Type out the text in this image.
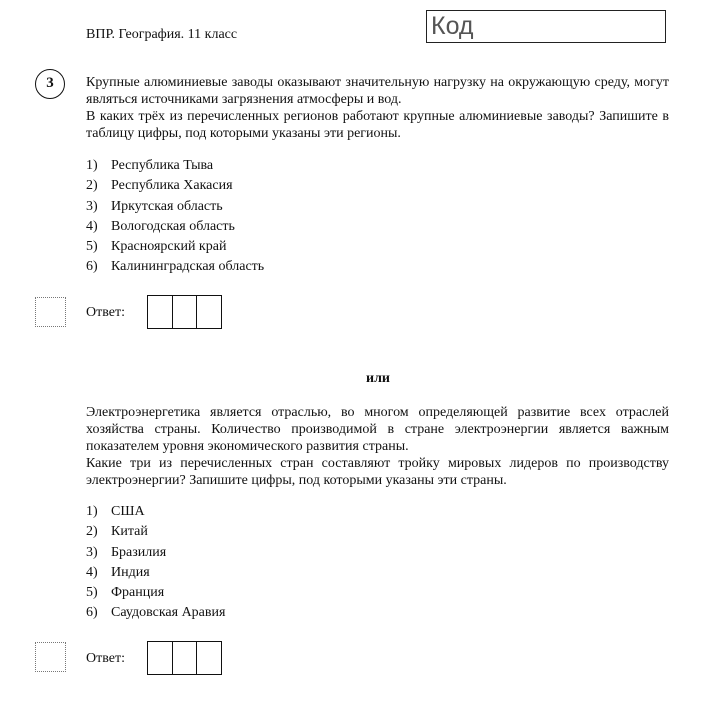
ВПР. География. 11 класс	Код
3	Крупные алюминиевые заводы оказывают значительную нагрузку на окружающую среду, могут являться источниками загрязнения атмосферы и вод.

В каких трёх из перечисленных регионов работают крупные алюминиевые заводы? Запишите в таблицу цифры, под которыми указаны эти регионы.

1) Республика Тыва
2) Республика Хакасия
3) Иркутская область
4) Вологодская область
5) Красноярский край
6) Калининградская область
Ответ:
или

Электроэнергетика является отраслью, во многом определяющей развитие всех отраслей хозяйства страны. Количество производимой в стране электроэнергии является важным показателем уровня экономического развития страны.

Какие три из перечисленных стран составляют тройку мировых лидеров по производству электроэнергии? Запишите цифры, под которыми указаны эти страны.

1) США
2) Китай
3) Бразилия
4) Индия
5) Франция
6) Саудовская Аравия
Ответ:
